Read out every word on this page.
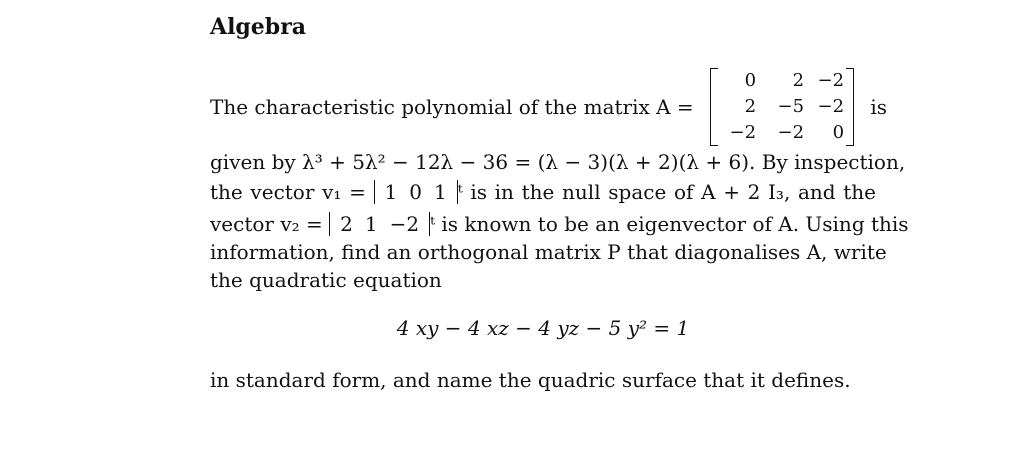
Algebra
The characteristic polynomial of the matrix A =
0	2 −2
2	−5 −2
−2	−2	0
is
given by λ³ + 5λ² − 12λ − 36 = (λ − 3)(λ + 2)(λ + 6). By inspection,
the vector v₁ = 1 0 1 ᵗ is in the null space of A + 2 I₃, and the
vector v₂ = 2 1 −2 ᵗ is known to be an eigenvector of A. Using this
information, find an orthogonal matrix P that diagonalises A, write
the quadratic equation
4 xy − 4 xz − 4 yz − 5 y² = 1
in standard form, and name the quadric surface that it defines.
